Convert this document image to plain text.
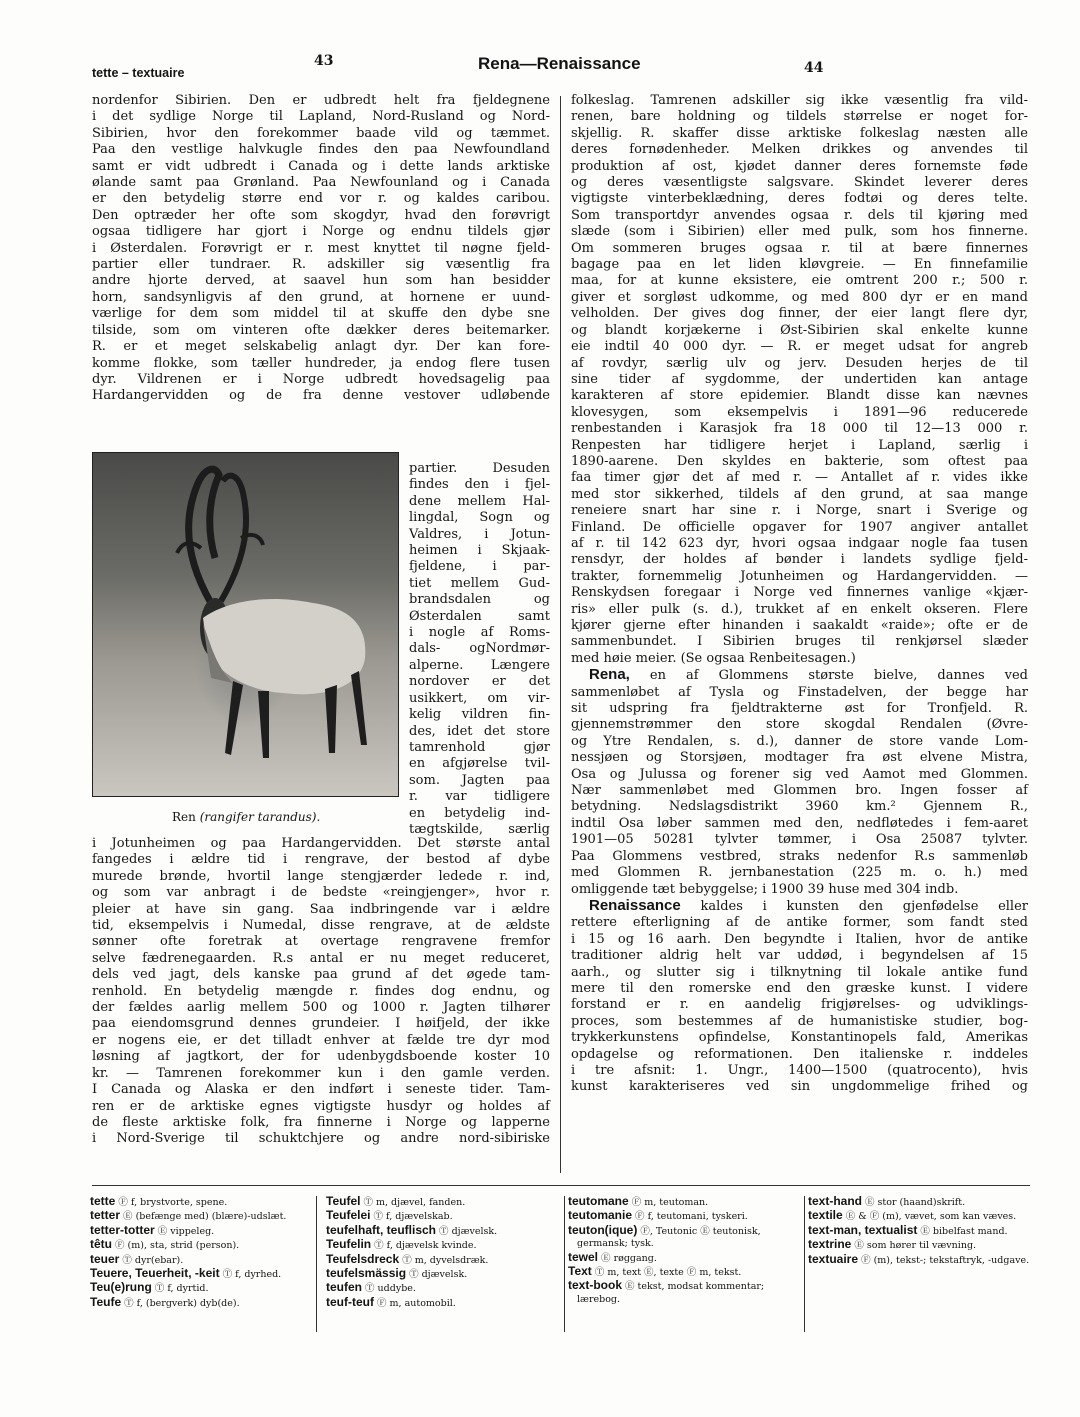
tette – textuaire
43	Rena—Renaissance	44

nordenfor Sibirien. Den er udbredt helt fra fjeldegnene

i det sydlige Norge til Lapland, Nord-Rusland og Nord-

Sibirien, hvor den forekommer baade vild og tæmmet.

Paa den vestlige halvkugle findes den paa Newfoundland

samt er vidt udbredt i Canada og i dette lands arktiske

ølande samt paa Grønland. Paa Newfounland og i Canada

er den betydelig større end vor r. og kaldes caribou.

Den optræder her ofte som skogdyr, hvad den forøvrigt

ogsaa tidligere har gjort i Norge og endnu tildels gjør

i Østerdalen. Forøvrigt er r. mest knyttet til nøgne fjeld-

partier eller tundraer. R. adskiller sig væsentlig fra

andre hjorte derved, at saavel hun som han besidder

horn, sandsynligvis af den grund, at hornene er uund-

værlige for dem som middel til at skuffe den dybe sne

tilside, som om vinteren ofte dækker deres beitemarker.

R. er et meget selskabelig anlagt dyr. Der kan fore-

komme flokke, som tæller hundreder, ja endog flere tusen

dyr. Vildrenen er i Norge udbredt hovedsagelig paa

Hardangervidden og de fra denne vestover udløbende

Ren (rangifer tarandus).

partier. Desuden

findes den i fjel-

dene mellem Hal-

lingdal, Sogn og

Valdres, i Jotun-

heimen i Skjaak-

fjeldene, i par-

tiet mellem Gud-

brandsdalen og

Østerdalen samt

i nogle af Roms-

dals- ogNordmør-

alperne. Længere

nordover er det

usikkert, om vir-

kelig vildren fin-

des, idet det store

tamrenhold gjør

en afgjørelse tvil-

som. Jagten paa

r. var tidligere

en betydelig ind-

tægtskilde, særlig

i Jotunheimen og paa Hardangervidden. Det største antal

fangedes i ældre tid i rengrave, der bestod af dybe

murede brønde, hvortil lange stengjærder ledede r. ind,

og som var anbragt i de bedste «reingjenger», hvor r.

pleier at have sin gang. Saa indbringende var i ældre

tid, eksempelvis i Numedal, disse rengrave, at de ældste

sønner ofte foretrak at overtage rengravene fremfor

selve fædrenegaarden. R.s antal er nu meget reduceret,

dels ved jagt, dels kanske paa grund af det øgede tam-

renhold. En betydelig mængde r. findes dog endnu, og

der fældes aarlig mellem 500 og 1000 r. Jagten tilhører

paa eiendomsgrund dennes grundeier. I høifjeld, der ikke

er nogens eie, er det tilladt enhver at fælde tre dyr mod

løsning af jagtkort, der for udenbygdsboende koster 10

kr. — Tamrenen forekommer kun i den gamle verden.

I Canada og Alaska er den indført i seneste tider. Tam-

ren er de arktiske egnes vigtigste husdyr og holdes af

de fleste arktiske folk, fra finnerne i Norge og lapperne

i Nord-Sverige til schuktchjere og andre nord-sibiriske

folkeslag. Tamrenen adskiller sig ikke væsentlig fra vild-

renen, bare holdning og tildels størrelse er noget for-

skjellig. R. skaffer disse arktiske folkeslag næsten alle

deres fornødenheder. Melken drikkes og anvendes til

produktion af ost, kjødet danner deres fornemste føde

og deres væsentligste salgsvare. Skindet leverer deres

vigtigste vinterbeklædning, deres fodtøi og deres telte.

Som transportdyr anvendes ogsaa r. dels til kjøring med

slæde (som i Sibirien) eller med pulk, som hos finnerne.

Om sommeren bruges ogsaa r. til at bære finnernes

bagage paa en let liden kløvgreie. — En finnefamilie

maa, for at kunne eksistere, eie omtrent 200 r.; 500 r.

giver et sorgløst udkomme, og med 800 dyr er en mand

velholden. Der gives dog finner, der eier langt flere dyr,

og blandt korjækerne i Øst-Sibirien skal enkelte kunne

eie indtil 40 000 dyr. — R. er meget udsat for angreb

af rovdyr, særlig ulv og jerv. Desuden herjes de til

sine tider af sygdomme, der undertiden kan antage

karakteren af store epidemier. Blandt disse kan nævnes

klovesygen, som eksempelvis i 1891—96 reducerede

renbestanden i Karasjok fra 18 000 til 12—13 000 r.

Renpesten har tidligere herjet i Lapland, særlig i

1890-aarene. Den skyldes en bakterie, som oftest paa

faa timer gjør det af med r. — Antallet af r. vides ikke

med stor sikkerhed, tildels af den grund, at saa mange

reneiere snart har sine r. i Norge, snart i Sverige og

Finland. De officielle opgaver for 1907 angiver antallet

af r. til 142 623 dyr, hvori ogsaa indgaar nogle faa tusen

rensdyr, der holdes af bønder i landets sydlige fjeld-

trakter, fornemmelig Jotunheimen og Hardangervidden. —

Renskydsen foregaar i Norge ved finnernes vanlige «kjær-

ris» eller pulk (s. d.), trukket af en enkelt okseren. Flere

kjører gjerne efter hinanden i saakaldt «raide»; ofte er de

sammenbundet. I Sibirien bruges til renkjørsel slæder

med høie meier. (Se ogsaa Renbeitesagen.)

Rena, en af Glommens største bielve, dannes ved

sammenløbet af Tysla og Finstadelven, der begge har

sit udspring fra fjeldtrakterne øst for Tronfjeld. R.

gjennemstrømmer den store skogdal Rendalen (Øvre-

og Ytre Rendalen, s. d.), danner de store vande Lom-

nessjøen og Storsjøen, modtager fra øst elvene Mistra,

Osa og Julussa og forener sig ved Aamot med Glommen.

Nær sammenløbet med Glommen bro. Ingen fosser af

betydning. Nedslagsdistrikt 3960 km.² Gjennem R.,

indtil Osa løber sammen med den, nedfløtedes i fem-aaret

1901—05 50281 tylvter tømmer, i Osa 25087 tylvter.

Paa Glommens vestbred, straks nedenfor R.s sammenløb

med Glommen R. jernbanestation (225 m. o. h.) med

omliggende tæt bebyggelse; i 1900 39 huse med 304 indb.

Renaissance kaldes i kunsten den gjenfødelse eller

rettere efterligning af de antike former, som fandt sted

i 15 og 16 aarh. Den begyndte i Italien, hvor de antike

traditioner aldrig helt var uddød, i begyndelsen af 15

aarh., og slutter sig i tilknytning til lokale antike fund

mere til den romerske end den græske kunst. I videre

forstand er r. en aandelig frigjørelses- og udviklings-

proces, som bestemmes af de humanistiske studier, bog-

trykkerkunstens opfindelse, Konstantinopels fald, Amerikas

opdagelse og reformationen. Den italienske r. inddeles

i tre afsnit: 1. Ungr., 1400—1500 (quatrocento), hvis

kunst karakteriseres ved sin ungdommelige frihed og

tette Ⓕ f, brystvorte, spene.

tetter Ⓔ (befænge med) (blære)-udslæt.

tetter-totter Ⓔ vippeleg.

têtu Ⓕ (m), sta, strid (person).

teuer Ⓣ dyr(ebar).

Teuere, Teuerheit, -keit Ⓣ f, dyrhed.

Teu(e)rung Ⓣ f, dyrtid.

Teufe Ⓣ f, (bergverk) dyb(de).

Teufel Ⓣ m, djævel, fanden.

Teufelei Ⓣ f, djævelskab.

teufelhaft, teuflisch Ⓣ djævelsk.

Teufelin Ⓣ f, djævelsk kvinde.

Teufelsdreck Ⓣ m, dyvelsdræk.

teufelsmässig Ⓣ djævelsk.

teufen Ⓣ uddybe.

teuf-teuf Ⓕ m, automobil.

teutomane Ⓕ m, teutoman.

teutomanie Ⓕ f, teutomani, tyskeri.

teuton(ique) Ⓕ, Teutonic Ⓔ teutonisk, germansk; tysk.

tewel Ⓔ røggang.

Text Ⓣ m, text Ⓔ, texte Ⓕ m, tekst.

text-book Ⓔ tekst, modsat kommentar; lærebog.

text-hand Ⓔ stor (haand)skrift.

textile Ⓔ & Ⓕ (m), vævet, som kan væves.

text-man, textualist Ⓔ bibelfast mand.

textrine Ⓔ som hører til vævning.

textuaire Ⓕ (m), tekst-; tekstaftryk, -udgave.
